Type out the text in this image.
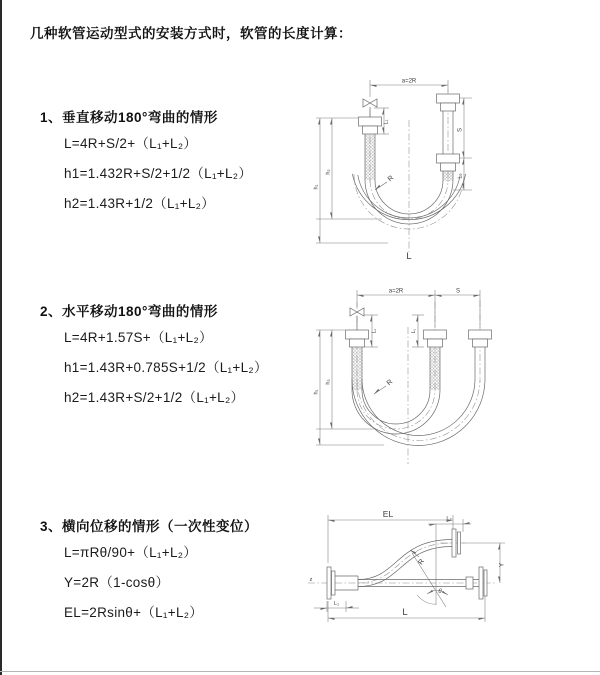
几种软管运动型式的安装方式时，软管的长度计算：
1、垂直移动180°弯曲的情形
L=4R+S/2+（L₁+L₂）
h1=1.432R+S/2+1/2（L₁+L₂）
h2=1.43R+1/2（L₁+L₂）
2、水平移动180°弯曲的情形
L=4R+1.57S+（L₁+L₂）
h1=1.43R+0.785S+1/2（L₁+L₂）
h2=1.43R+S/2+1/2（L₁+L₂）
3、横向位移的情形（一次性变位）
L=πRθ/90+（L₁+L₂）
Y=2R（1-cosθ）
EL=2Rsinθ+（L₁+L₂）
a=2R
S
L₂
L₁
h₁
h₂
R
L
a=2R	S
L₁	L₁
h₁
h₂	R
EL	L₂
Y
R
θ
z
L₁
L
